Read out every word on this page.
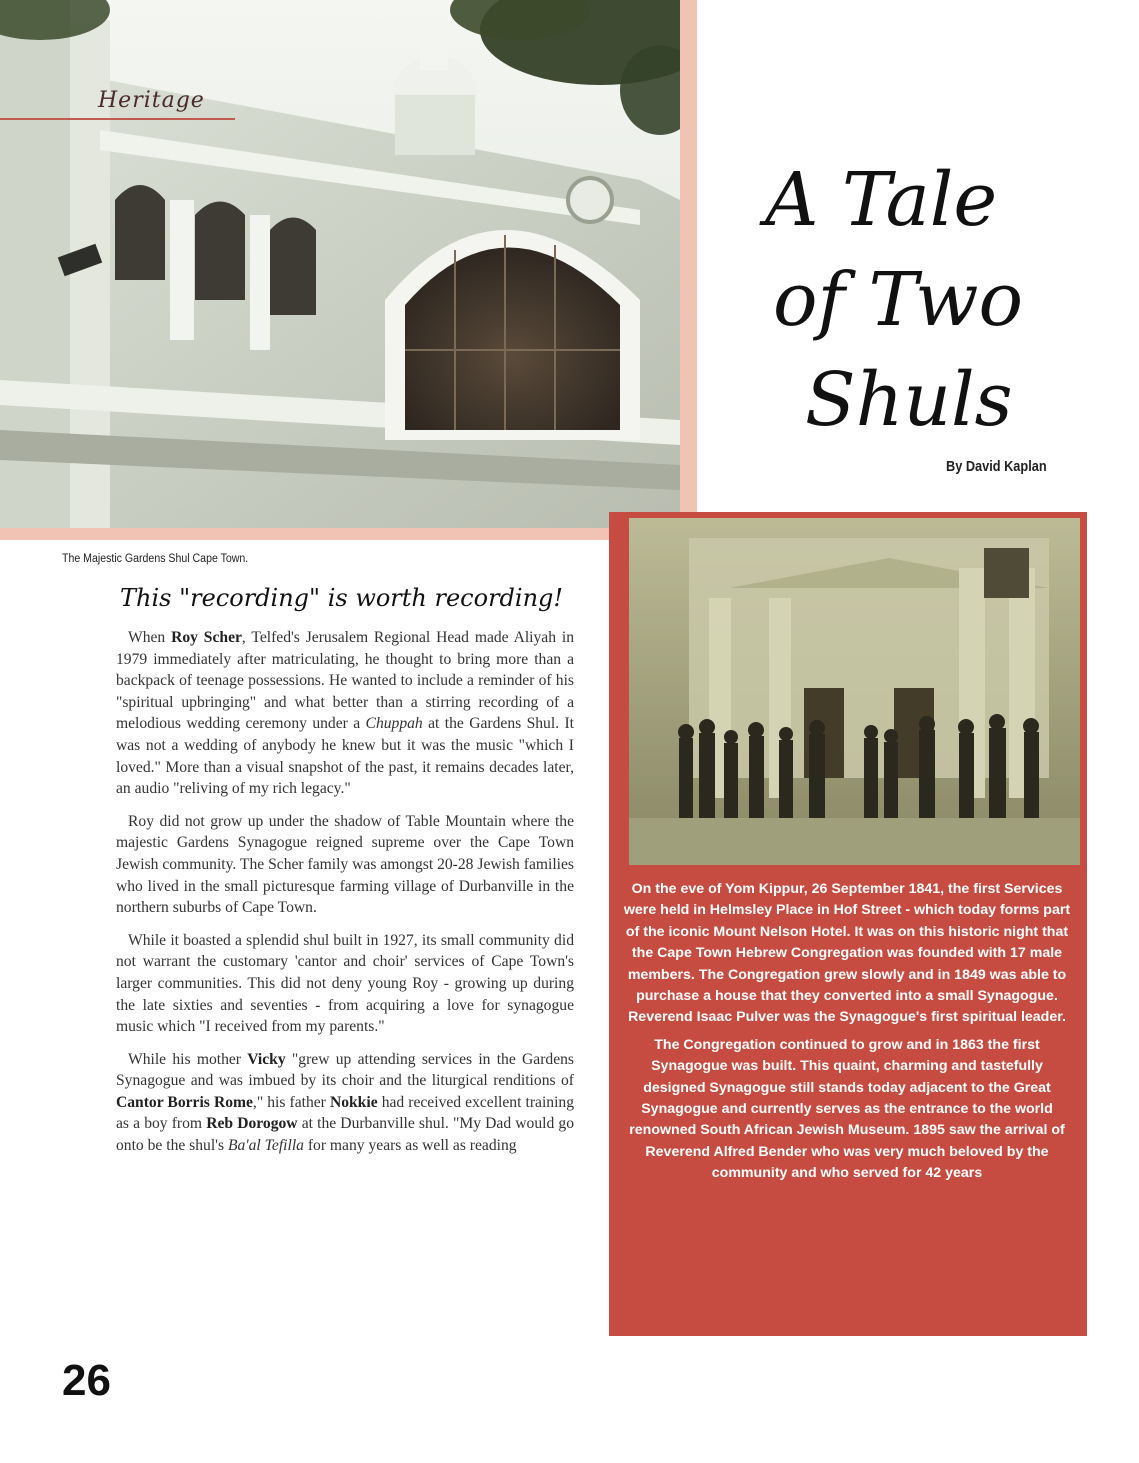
Heritage
A Tale
of Two
Shuls
By David Kaplan
The Majestic Gardens Shul Cape Town.
This "recording" is worth recording!

When Roy Scher, Telfed's Jerusalem Regional Head made Aliyah in 1979 immediately after matriculating, he thought to bring more than a backpack of teenage possessions. He wanted to include a reminder of his "spiritual upbringing" and what better than a stirring recording of a melodious wedding ceremony under a Chuppah at the Gardens Shul. It was not a wedding of anybody he knew but it was the music "which I loved." More than a visual snapshot of the past, it remains decades later, an audio "reliving of my rich legacy."

Roy did not grow up under the shadow of Table Mountain where the majestic Gardens Synagogue reigned supreme over the Cape Town Jewish community. The Scher family was amongst 20-28 Jewish families who lived in the small picturesque farming village of Durbanville in the northern suburbs of Cape Town.

While it boasted a splendid shul built in 1927, its small community did not warrant the customary 'cantor and choir' services of Cape Town's larger communities. This did not deny young Roy - growing up during the late sixties and seventies - from acquiring a love for synagogue music which "I received from my parents."

While his mother Vicky "grew up attending services in the Gardens Synagogue and was imbued by its choir and the liturgical renditions of Cantor Borris Rome," his father Nokkie had received excellent training as a boy from Reb Dorogow at the Durbanville shul. "My Dad would go onto be the shul's Ba'al Tefilla for many years as well as reading

On the eve of Yom Kippur, 26 September 1841, the first Services were held in Helmsley Place in Hof Street - which today forms part of the iconic Mount Nelson Hotel. It was on this historic night that the Cape Town Hebrew Congregation was founded with 17 male members. The Congregation grew slowly and in 1849 was able to purchase a house that they converted into a small Synagogue. Reverend Isaac Pulver was the Synagogue's first spiritual leader.

The Congregation continued to grow and in 1863 the first Synagogue was built. This quaint, charming and tastefully designed Synagogue still stands today adjacent to the Great Synagogue and currently serves as the entrance to the world renowned South African Jewish Museum. 1895 saw the arrival of Reverend Alfred Bender who was very much beloved by the community and who served for 42 years

26
